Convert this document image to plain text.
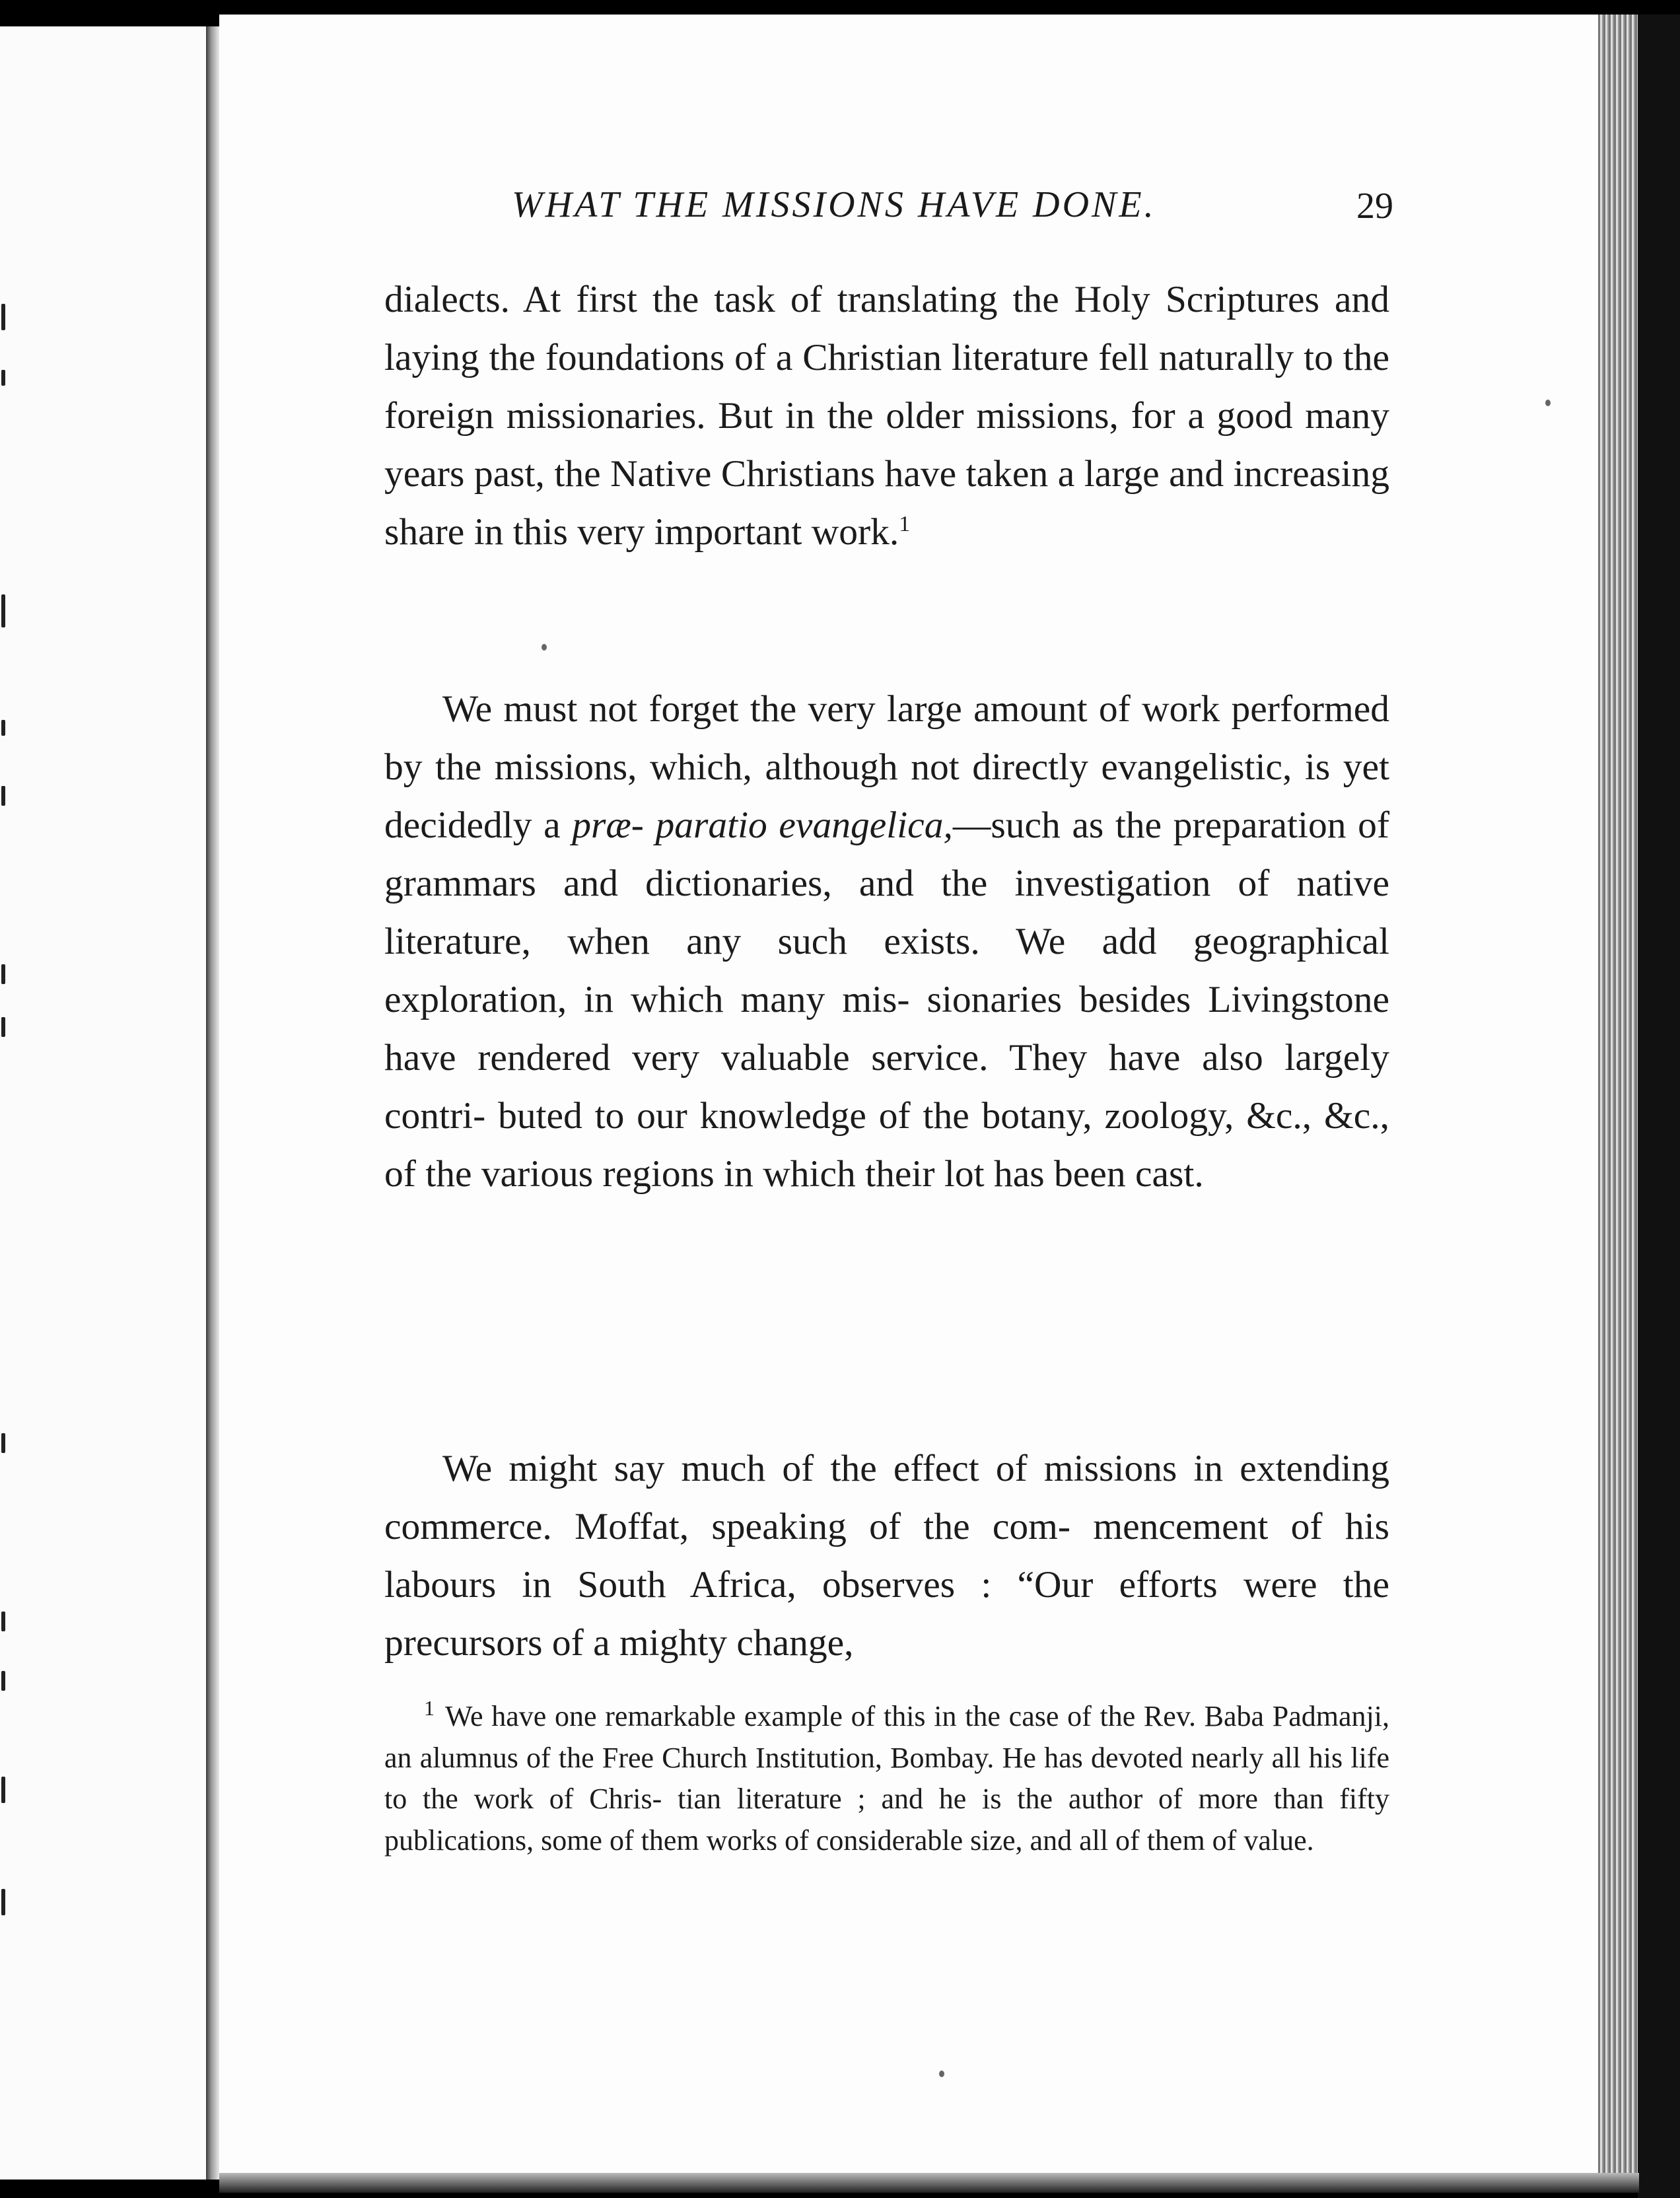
WHAT THE MISSIONS HAVE DONE.	29

dialects. At first the task of translating the Holy Scriptures and laying the foundations of a Christian literature fell naturally to the foreign missionaries. But in the older missions, for a good many years past, the Native Christians have taken a large and increasing share in this very important work.$^1$

We must not forget the very large amount of work performed by the missions, which, although not directly evangelistic, is yet decidedly a præ- paratio evangelica,—such as the preparation of grammars and dictionaries, and the investigation of native literature, when any such exists. We add geographical exploration, in which many mis- sionaries besides Livingstone have rendered very valuable service. They have also largely contri- buted to our knowledge of the botany, zoology, &c., &c., of the various regions in which their lot has been cast.

We might say much of the effect of missions in extending commerce. Moffat, speaking of the com- mencement of his labours in South Africa, observes : “Our efforts were the precursors of a mighty change,

$^1$ We have one remarkable example of this in the case of the Rev. Baba Padmanji, an alumnus of the Free Church Institution, Bombay. He has devoted nearly all his life to the work of Chris- tian literature ; and he is the author of more than fifty publications, some of them works of considerable size, and all of them of value.
